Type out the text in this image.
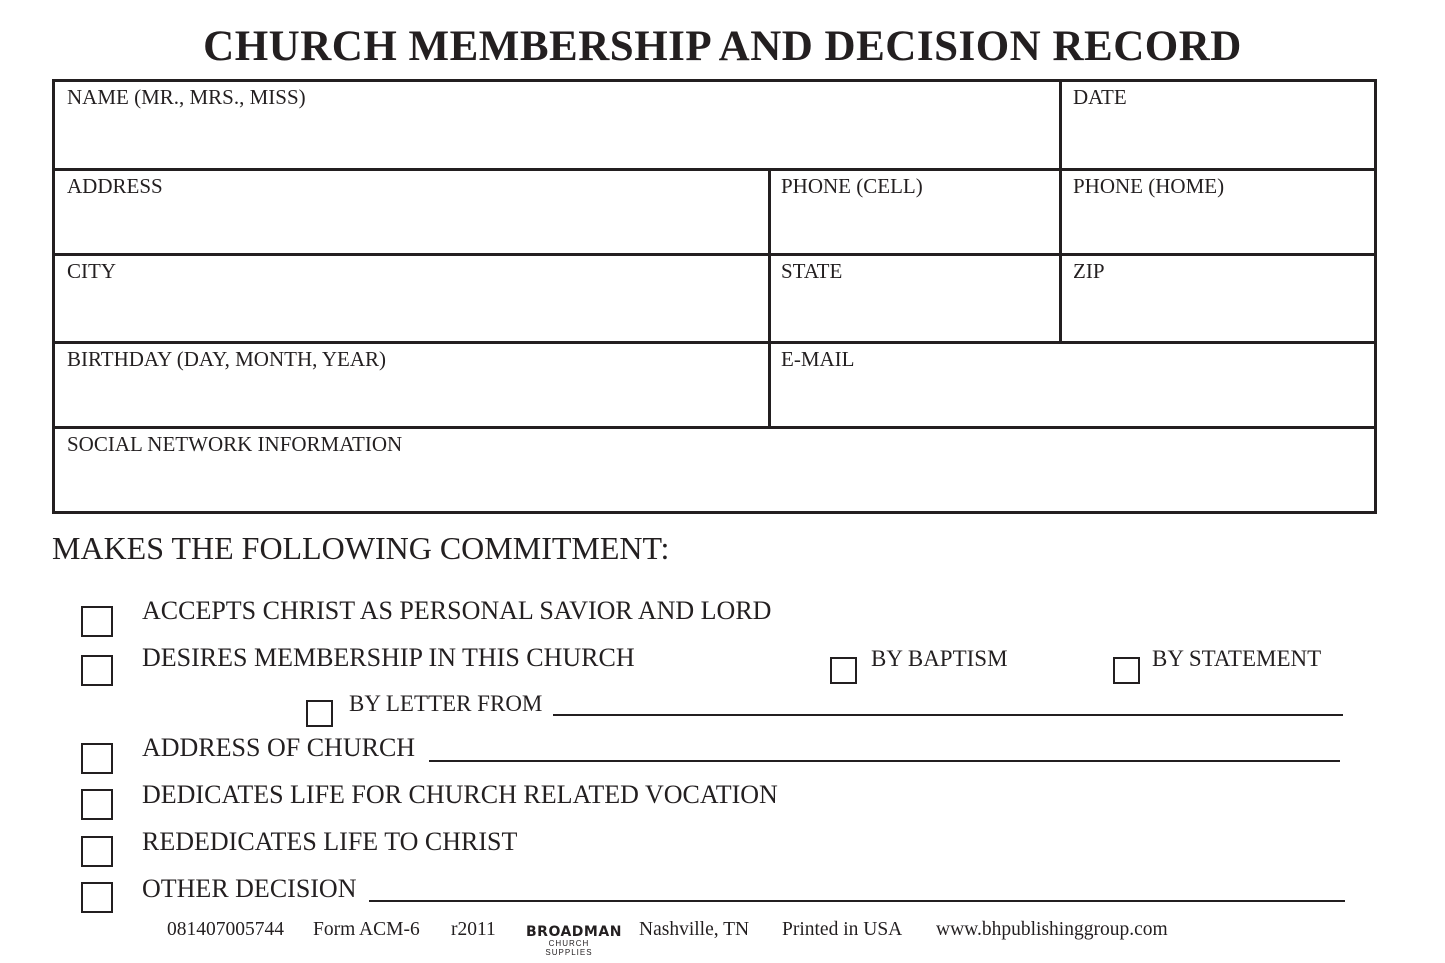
CHURCH MEMBERSHIP AND DECISION RECORD
NAME (MR., MRS., MISS)	DATE
ADDRESS	PHONE (CELL)	PHONE (HOME)
CITY	STATE	ZIP
BIRTHDAY (DAY, MONTH, YEAR)	E-MAIL
SOCIAL NETWORK INFORMATION
MAKES THE FOLLOWING COMMITMENT:
ACCEPTS CHRIST AS PERSONAL SAVIOR AND LORD
DESIRES MEMBERSHIP IN THIS CHURCH	BY BAPTISM	BY STATEMENT
BY LETTER FROM
ADDRESS OF CHURCH
DEDICATES LIFE FOR CHURCH RELATED VOCATION
REDEDICATES LIFE TO CHRIST
OTHER DECISION
081407005744 Form ACM-6 r2011 BROADMAN
CHURCH SUPPLIES
Nashville, TN Printed in USA www.bhpublishinggroup.com
